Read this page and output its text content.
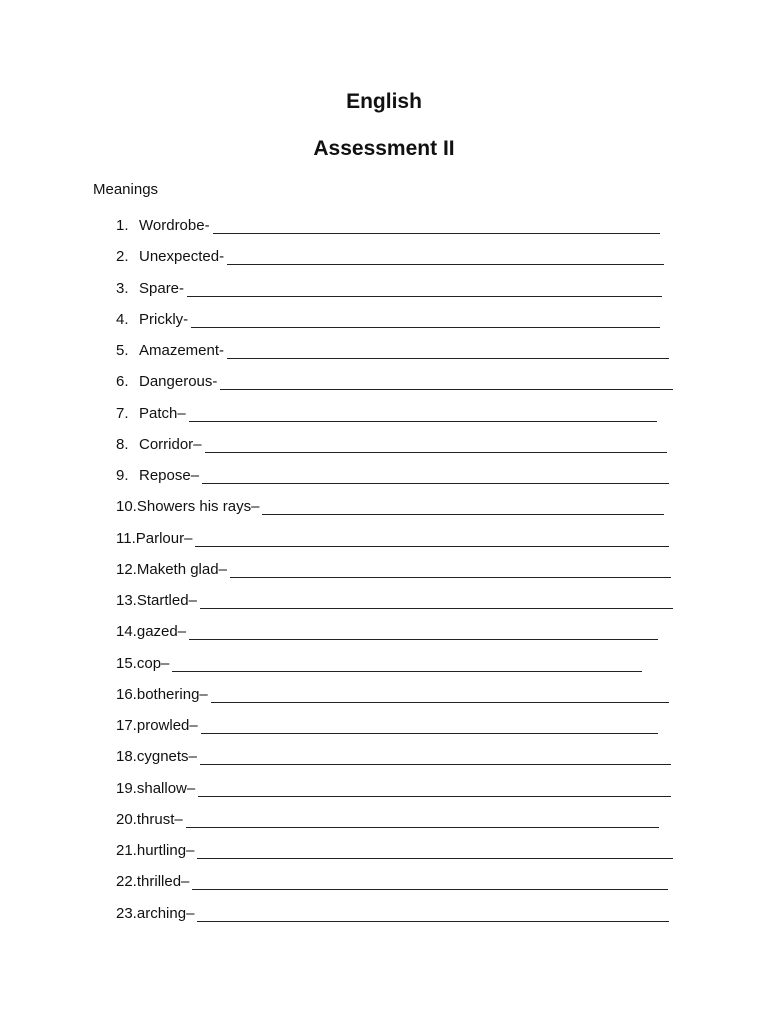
English
Assessment II
Meanings
1. Wordrobe -
2. Unexpected -
3. Spare -
4. Prickly -
5. Amazement -
6. Dangerous -
7. Patch –
8. Corridor –
9. Repose –
10. Showers his rays –
11. Parlour –
12. Maketh glad –
13. Startled –
14. gazed –
15. cop –
16. bothering –
17. prowled –
18. cygnets –
19. shallow –
20. thrust –
21. hurtling –
22. thrilled –
23. arching –
